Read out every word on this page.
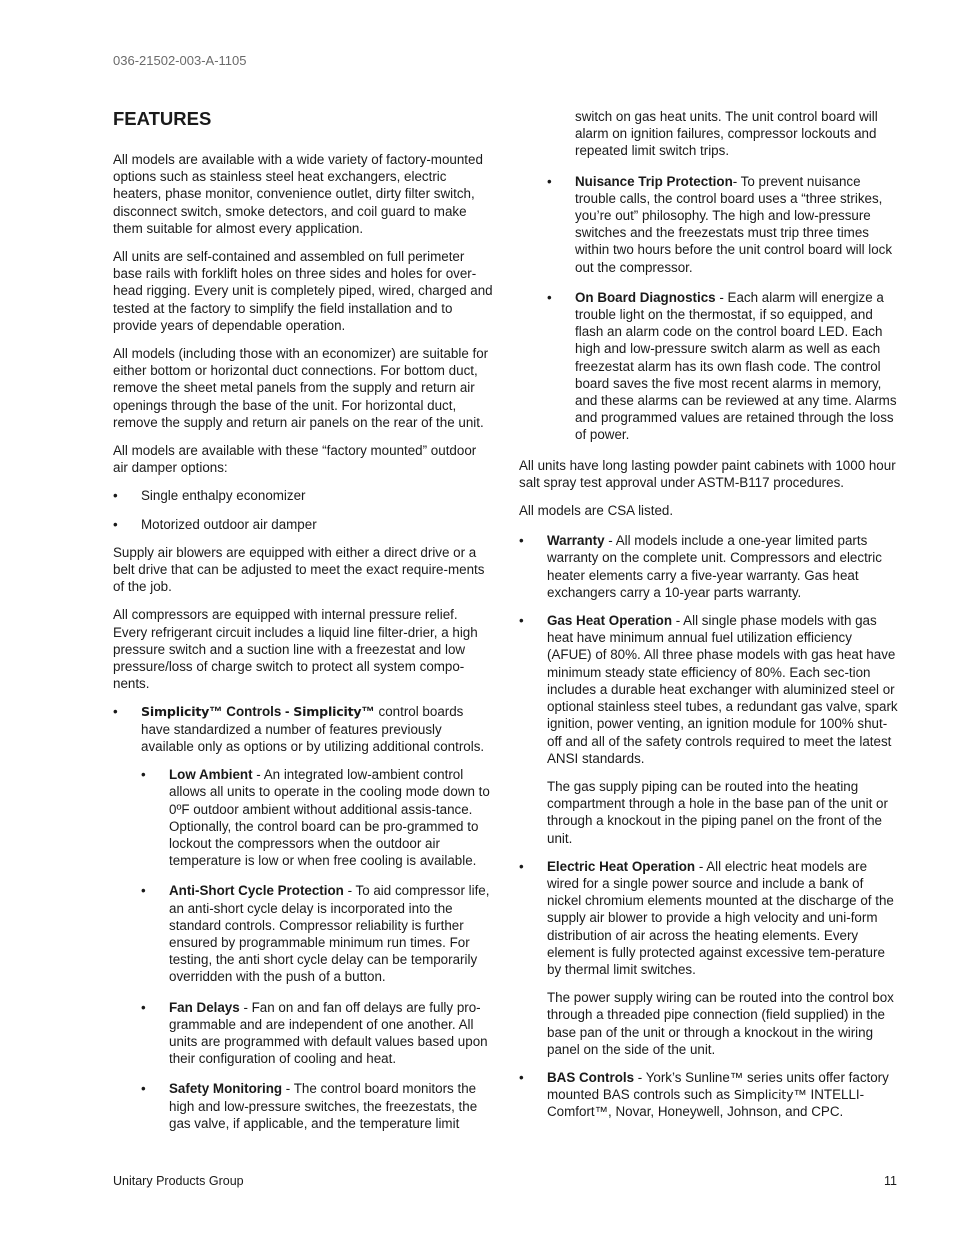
036-21502-003-A-1105
FEATURES

All models are available with a wide variety of factory-mounted options such as stainless steel heat exchangers, electric heaters, phase monitor, convenience outlet, dirty filter switch, disconnect switch, smoke detectors, and coil guard to make them suitable for almost every application.

All units are self-contained and assembled on full perimeter base rails with forklift holes on three sides and holes for over-head rigging. Every unit is completely piped, wired, charged and tested at the factory to simplify the field installation and to provide years of dependable operation.

All models (including those with an economizer) are suitable for either bottom or horizontal duct connections. For bottom duct, remove the sheet metal panels from the supply and return air openings through the base of the unit. For horizontal duct, remove the supply and return air panels on the rear of the unit.

All models are available with these “factory mounted” outdoor air damper options:

• Single enthalpy economizer
• Motorized outdoor air damper

Supply air blowers are equipped with either a direct drive or a belt drive that can be adjusted to meet the exact require-ments of the job.

All compressors are equipped with internal pressure relief. Every refrigerant circuit includes a liquid line filter-drier, a high pressure switch and a suction line with a freezestat and low pressure/loss of charge switch to protect all system compo-nents.

• Simplicity™ Controls - Simplicity™ control boards have standardized a number of features previously available only as options or by utilizing additional controls.
• Low Ambient - An integrated low-ambient control allows all units to operate in the cooling mode down to 0ºF outdoor ambient without additional assis-tance. Optionally, the control board can be pro-grammed to lockout the compressors when the outdoor air temperature is low or when free cooling is available.
• Anti-Short Cycle Protection - To aid compressor life, an anti-short cycle delay is incorporated into the standard controls. Compressor reliability is further ensured by programmable minimum run times. For testing, the anti short cycle delay can be temporarily overridden with the push of a button.
• Fan Delays - Fan on and fan off delays are fully pro-grammable and are independent of one another. All units are programmed with default values based upon their configuration of cooling and heat.
• Safety Monitoring - The control board monitors the high and low-pressure switches, the freezestats, the gas valve, if applicable, and the temperature limit
switch on gas heat units. The unit control board will alarm on ignition failures, compressor lockouts and repeated limit switch trips.
• Nuisance Trip Protection- To prevent nuisance trouble calls, the control board uses a “three strikes, you’re out” philosophy. The high and low-pressure switches and the freezestats must trip three times within two hours before the unit control board will lock out the compressor.
• On Board Diagnostics - Each alarm will energize a trouble light on the thermostat, if so equipped, and flash an alarm code on the control board LED. Each high and low-pressure switch alarm as well as each freezestat alarm has its own flash code. The control board saves the five most recent alarms in memory, and these alarms can be reviewed at any time. Alarms and programmed values are retained through the loss of power.

All units have long lasting powder paint cabinets with 1000 hour salt spray test approval under ASTM-B117 procedures.

All models are CSA listed.

• Warranty - All models include a one-year limited parts warranty on the complete unit. Compressors and electric heater elements carry a five-year warranty. Gas heat exchangers carry a 10-year parts warranty.
• Gas Heat Operation - All single phase models with gas heat have minimum annual fuel utilization efficiency (AFUE) of 80%. All three phase models with gas heat have minimum steady state efficiency of 80%. Each sec-tion includes a durable heat exchanger with aluminized steel or optional stainless steel tubes, a redundant gas valve, spark ignition, power venting, an ignition module for 100% shut-off and all of the safety controls required to meet the latest ANSI standards.
The gas supply piping can be routed into the heating compartment through a hole in the base pan of the unit or through a knockout in the piping panel on the front of the unit.
• Electric Heat Operation - All electric heat models are wired for a single power source and include a bank of nickel chromium elements mounted at the discharge of the supply air blower to provide a high velocity and uni-form distribution of air across the heating elements. Every element is fully protected against excessive tem-perature by thermal limit switches.
The power supply wiring can be routed into the control box through a threaded pipe connection (field supplied) in the base pan of the unit or through a knockout in the wiring panel on the side of the unit.
• BAS Controls - York’s Sunline™ series units offer factory mounted BAS controls such as Simplicity™ INTELLI-Comfort™, Novar, Honeywell, Johnson, and CPC.
Unitary Products Group	11
